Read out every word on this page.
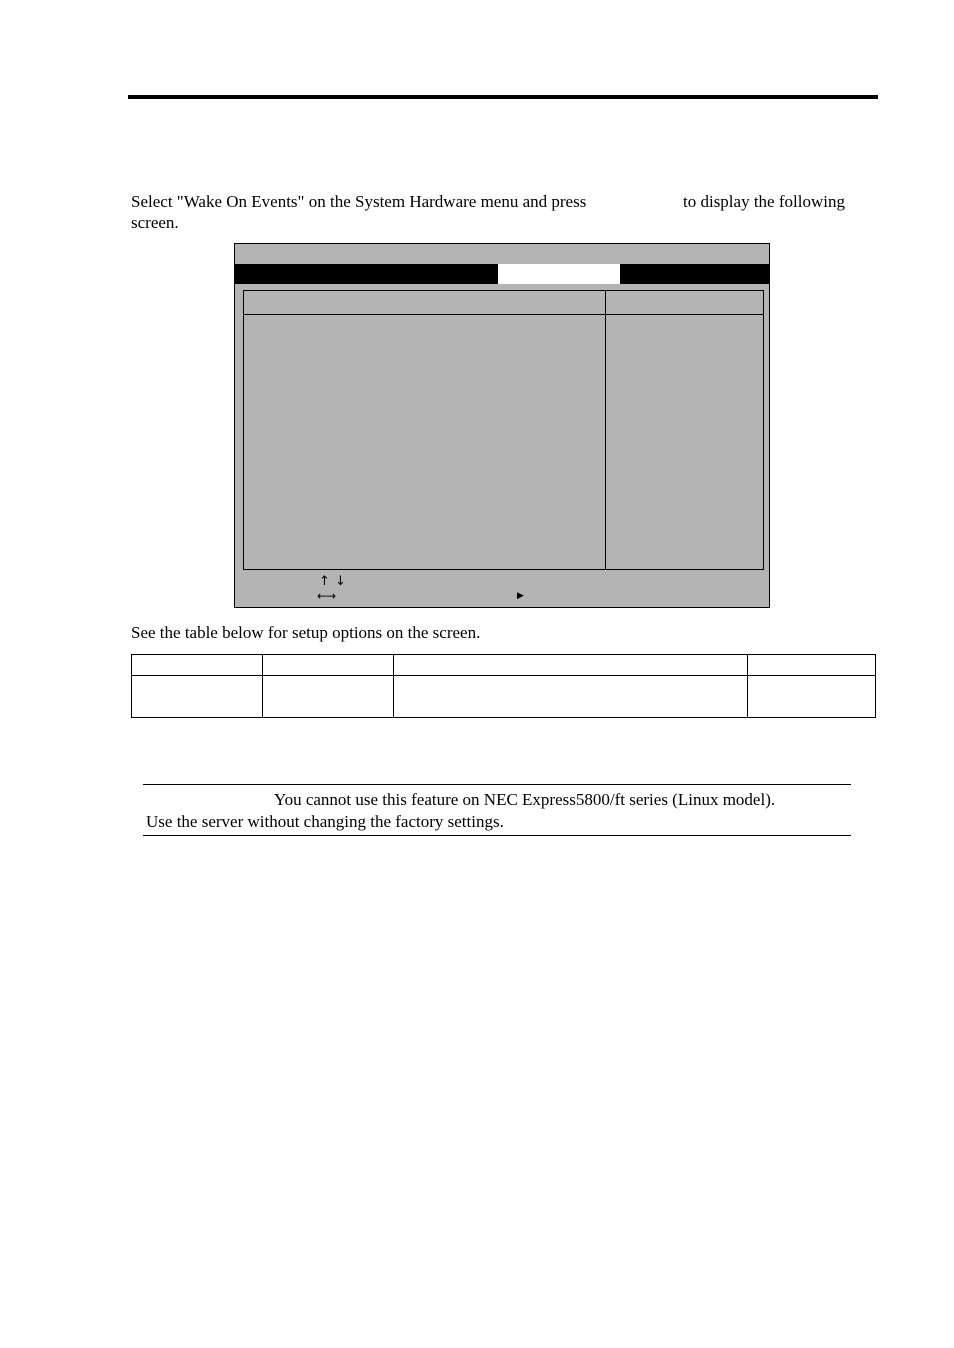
Select "Wake On Events" on the System Hardware menu and press	to display the following
screen.
↑ ↓
←→	▶
See the table below for setup options on the screen.

You cannot use this feature on NEC Express5800/ft series (Linux model).
Use the server without changing the factory settings.
